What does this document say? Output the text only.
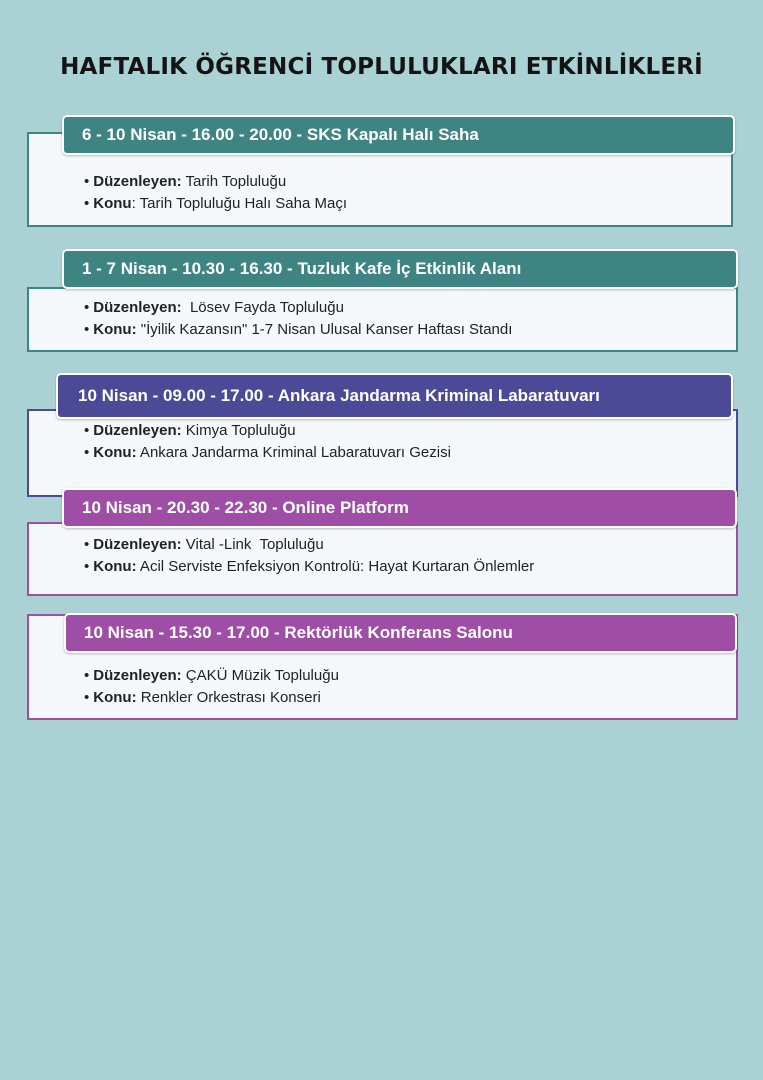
HAFTALIK ÖĞRENCİ TOPLULUKLARI ETKİNLİKLERİ
6 - 10 Nisan - 16.00 - 20.00 - SKS Kapalı Halı Saha
• Düzenleyen: Tarih Topluluğu
• Konu: Tarih Topluluğu Halı Saha Maçı
1 - 7 Nisan - 10.30 - 16.30 - Tuzluk Kafe İç Etkinlik Alanı
• Düzenleyen:  Lösev Fayda Topluluğu
• Konu: "İyilik Kazansın" 1-7 Nisan Ulusal Kanser Haftası Standı
10 Nisan - 09.00 - 17.00 - Ankara Jandarma Kriminal Labaratuvarı
• Düzenleyen: Kimya Topluluğu
• Konu: Ankara Jandarma Kriminal Labaratuvarı Gezisi
10 Nisan - 20.30 - 22.30 - Online Platform
• Düzenleyen: Vital -Link  Topluluğu
• Konu: Acil Serviste Enfeksiyon Kontrolü: Hayat Kurtaran Önlemler
10 Nisan - 15.30 - 17.00 - Rektörlük Konferans Salonu
• Düzenleyen: ÇAKÜ Müzik Topluluğu
• Konu: Renkler Orkestrası Konseri
